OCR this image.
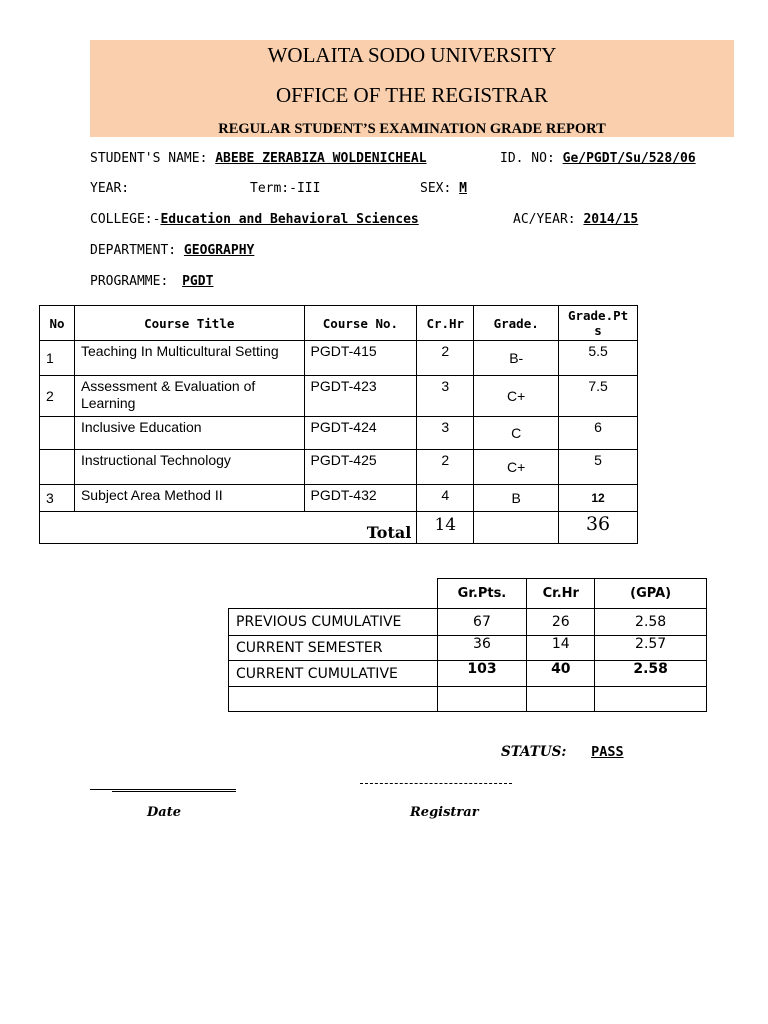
WOLAITA SODO UNIVERSITY
OFFICE OF THE REGISTRAR
REGULAR STUDENT’S EXAMINATION GRADE REPORT
STUDENT'S NAME: ABEBE ZERABIZA WOLDENICHEAL	ID. NO: Ge/PGDT/Su/528/06
YEAR:	Term:-III	SEX: M
COLLEGE:-Education and Behavioral Sciences	AC/YEAR: 2014/15
DEPARTMENT: GEOGRAPHY
PROGRAMME: PGDT
No	Course Title	Course No.	Cr.Hr	Grade.	Grade.Pts
1	Teaching In Multicultural Setting	PGDT-415	2	B-	5.5
2	Assessment & Evaluation of Learning	PGDT-423	3	C+	7.5
	Inclusive Education	PGDT-424	3	C	6
	Instructional Technology	PGDT-425	2	C+	5
3	Subject Area Method II	PGDT-432	4	B	12
Total			14		36
	Gr.Pts.	Cr.Hr	(GPA)
PREVIOUS CUMULATIVE	67	26	2.58
CURRENT SEMESTER	36	14	2.57
CURRENT CUMULATIVE	103	40	2.58

STATUS: PASS
Date	Registrar
